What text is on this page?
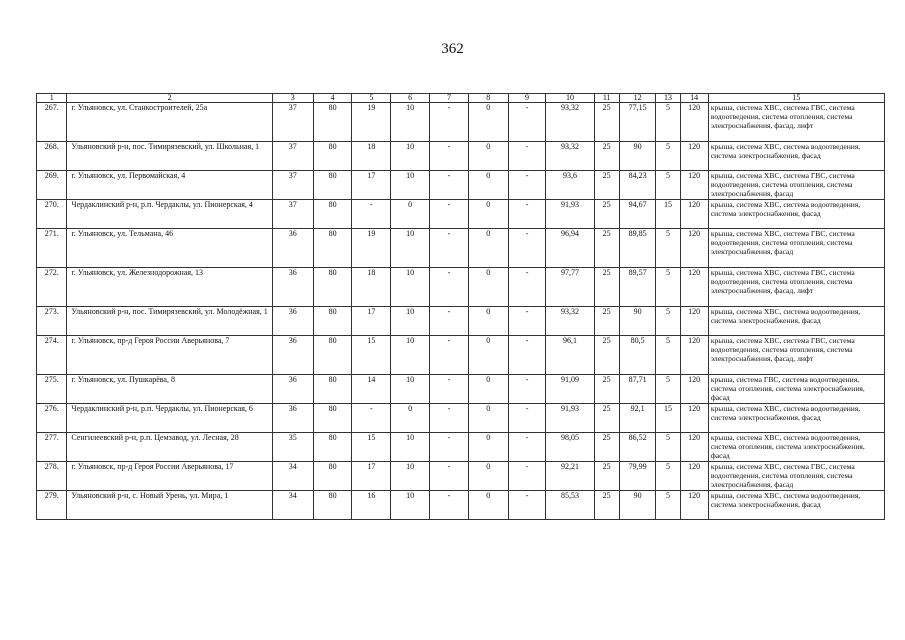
362
1	2	3	4	5	6	7	8	9	10	11	12	13	14	15
267.	г. Ульяновск, ул. Станкостроителей, 25а	37	80	19	10	-	0	-	93,32	25	77,15	5	120	крыша, система ХВС, система ГВС, система водоотведения, система отопления, система электроснабжения, фасад, лифт
268.	Ульяновский р-н, пос. Тимирязевский, ул. Школьная, 1	37	80	18	10	-	0	-	93,32	25	90	5	120	крыша, система ХВС, система водоотведения, система электроснабжения, фасад
269.	г. Ульяновск, ул. Первомайская, 4	37	80	17	10	-	0	-	93,6	25	84,23	5	120	крыша, система ХВС, система ГВС, система водоотведения, система отопления, система электроснабжения, фасад
270.	Чердаклинский р-н, р.п. Чердаклы, ул. Пионерская, 4	37	80	-	0	-	0	-	91,93	25	94,67	15	120	крыша, система ХВС, система водоотведения, система электроснабжения, фасад
271.	г. Ульяновск, ул. Тельмана, 46	36	80	19	10	-	0	-	96,94	25	89,85	5	120	крыша, система ХВС, система ГВС, система водоотведения, система отопления, система электроснабжения, фасад
272.	г. Ульяновск, ул. Железнодорожная, 13	36	80	18	10	-	0	-	97,77	25	89,57	5	120	крыша, система ХВС, система ГВС, система водоотведения, система отопления, система электроснабжения, фасад, лифт
273.	Ульяновский р-н, пос. Тимирязевский, ул. Молодёжная, 1	36	80	17	10	-	0	-	93,32	25	90	5	120	крыша, система ХВС, система водоотведения, система электроснабжения, фасад
274.	г. Ульяновск, пр-д Героя России Аверьянова, 7	36	80	15	10	-	0	-	96,1	25	80,5	5	120	крыша, система ХВС, система ГВС, система водоотведения, система отопления, система электроснабжения, фасад, лифт
275.	г. Ульяновск, ул. Пушкарёва, 8	36	80	14	10	-	0	-	91,09	25	87,71	5	120	крыша, система ГВС, система водоотведения, система отопления, система электроснабжения, фасад
276.	Чердаклинский р-н, р.п. Чердаклы, ул. Пионерская, 6	36	80	-	0	-	0	-	91,93	25	92,1	15	120	крыша, система ХВС, система водоотведения, система электроснабжения, фасад
277.	Сенгилеевский р-н, р.п. Цемзавод, ул. Лесная, 28	35	80	15	10	-	0	-	98,05	25	86,52	5	120	крыша, система ХВС, система водоотведения, система отопления, система электроснабжения, фасад
278.	г. Ульяновск, пр-д Героя России Аверьянова, 17	34	80	17	10	-	0	-	92,21	25	79,99	5	120	крыша, система ХВС, система ГВС, система водоотведения, система отопления, система электроснабжения, фасад
279.	Ульяновский р-н, с. Новый Урень, ул. Мира, 1	34	80	16	10	-	0	-	85,53	25	90	5	120	крыша, система ХВС, система водоотведения, система электроснабжения, фасад
